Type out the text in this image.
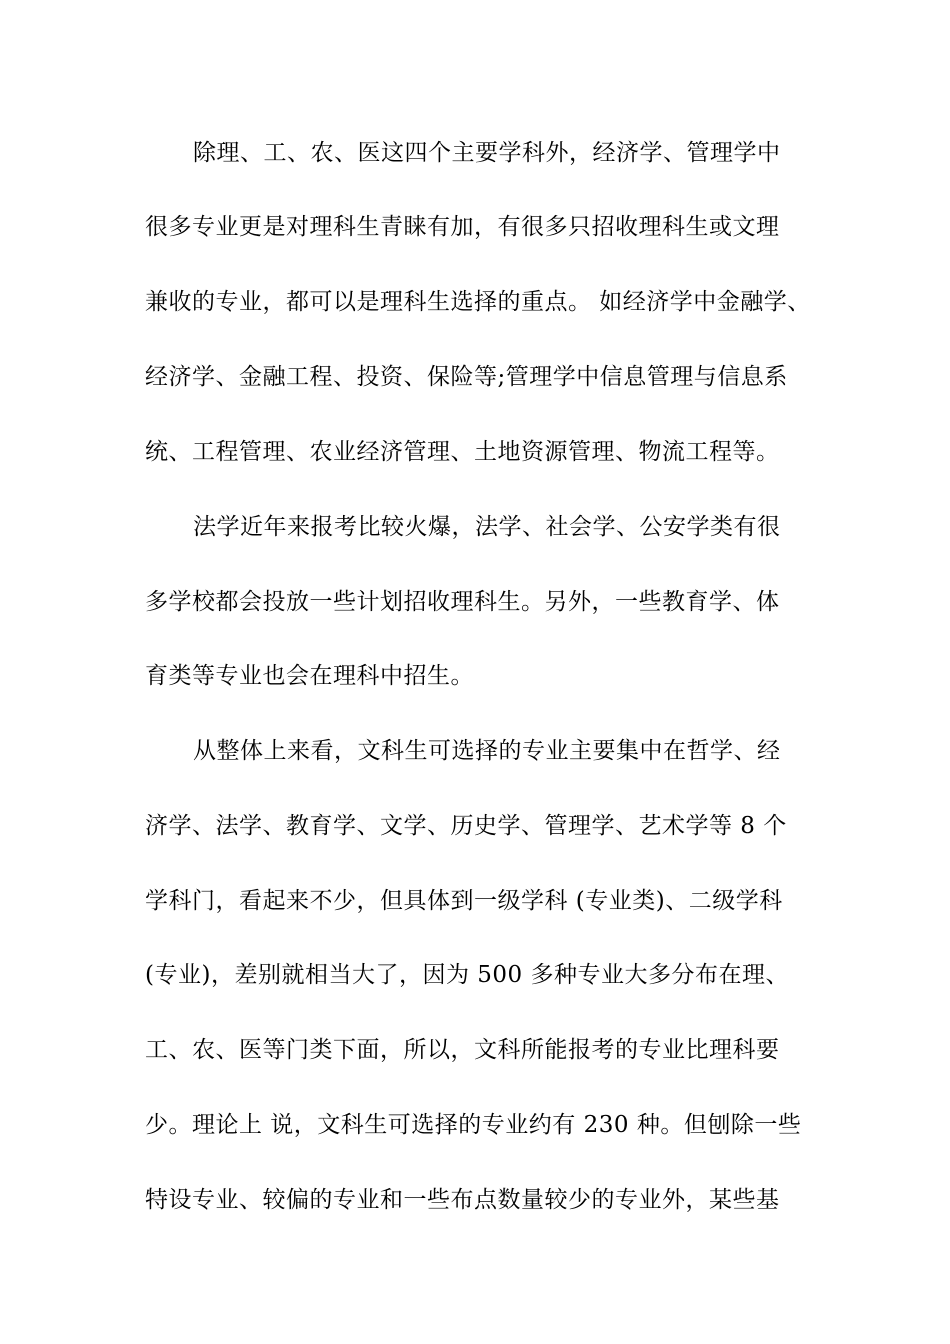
除理、工、农、医这四个主要学科外，经济学、管理学中
很多专业更是对理科生青睐有加，有很多只招收理科生或文理
兼收的专业，都可以是理科生选择的重点。 如经济学中金融学、
经济学、金融工程、投资、保险等;管理学中信息管理与信息系
统、工程管理、农业经济管理、土地资源管理、物流工程等。
法学近年来报考比较火爆，法学、社会学、公安学类有很
多学校都会投放一些计划招收理科生。另外，一些教育学、体
育类等专业也会在理科中招生。
从整体上来看，文科生可选择的专业主要集中在哲学、经
济学、法学、教育学、文学、历史学、管理学、艺术学等 8 个
学科门，看起来不少，但具体到一级学科 (专业类)、二级学科
(专业)，差别就相当大了，因为 500 多种专业大多分布在理、
工、农、医等门类下面，所以，文科所能报考的专业比理科要
少。理论上 说，文科生可选择的专业约有 230 种。但刨除一些
特设专业、较偏的专业和一些布点数量较少的专业外，某些基
